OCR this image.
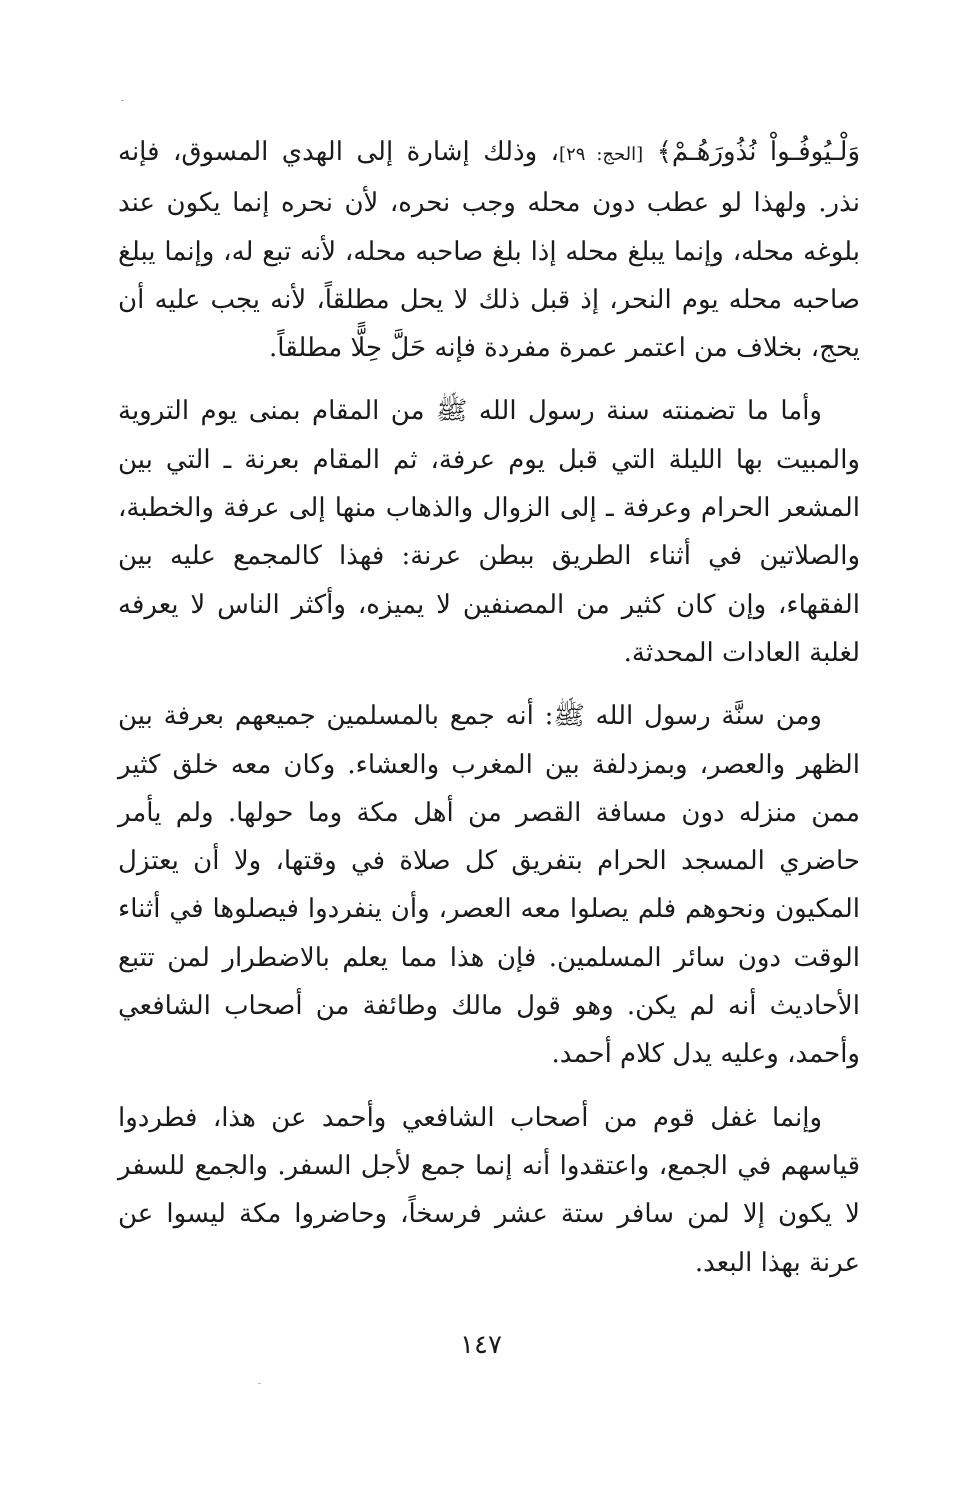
وَلْـيُوفُـواْ نُذُورَهُـمْ﴾ [الحج: ٢٩]، وذلك إشارة إلى الهدي المسوق، فإنه نذر. ولهذا لو عطب دون محله وجب نحره، لأن نحره إنما يكون عند بلوغه محله، وإنما يبلغ محله إذا بلغ صاحبه محله، لأنه تبع له، وإنما يبلغ صاحبه محله يوم النحر، إذ قبل ذلك لا يحل مطلقاً، لأنه يجب عليه أن يحج، بخلاف من اعتمر عمرة مفردة فإنه حَلَّ حِلًّا مطلقاً.

وأما ما تضمنته سنة رسول الله ﷺ من المقام بمنى يوم التروية والمبيت بها الليلة التي قبل يوم عرفة، ثم المقام بعرنة ـ التي بين المشعر الحرام وعرفة ـ إلى الزوال والذهاب منها إلى عرفة والخطبة، والصلاتين في أثناء الطريق ببطن عرنة: فهذا كالمجمع عليه بين الفقهاء، وإن كان كثير من المصنفين لا يميزه، وأكثر الناس لا يعرفه لغلبة العادات المحدثة.

ومن سنَّة رسول الله ﷺ: أنه جمع بالمسلمين جميعهم بعرفة بين الظهر والعصر، وبمزدلفة بين المغرب والعشاء. وكان معه خلق كثير ممن منزله دون مسافة القصر من أهل مكة وما حولها. ولم يأمر حاضري المسجد الحرام بتفريق كل صلاة في وقتها، ولا أن يعتزل المكيون ونحوهم فلم يصلوا معه العصر، وأن ينفردوا فيصلوها في أثناء الوقت دون سائر المسلمين. فإن هذا مما يعلم بالاضطرار لمن تتبع الأحاديث أنه لم يكن. وهو قول مالك وطائفة من أصحاب الشافعي وأحمد، وعليه يدل كلام أحمد.

وإنما غفل قوم من أصحاب الشافعي وأحمد عن هذا، فطردوا قياسهم في الجمع، واعتقدوا أنه إنما جمع لأجل السفر. والجمع للسفر لا يكون إلا لمن سافر ستة عشر فرسخاً، وحاضروا مكة ليسوا عن عرنة بهذا البعد.

١٤٧
